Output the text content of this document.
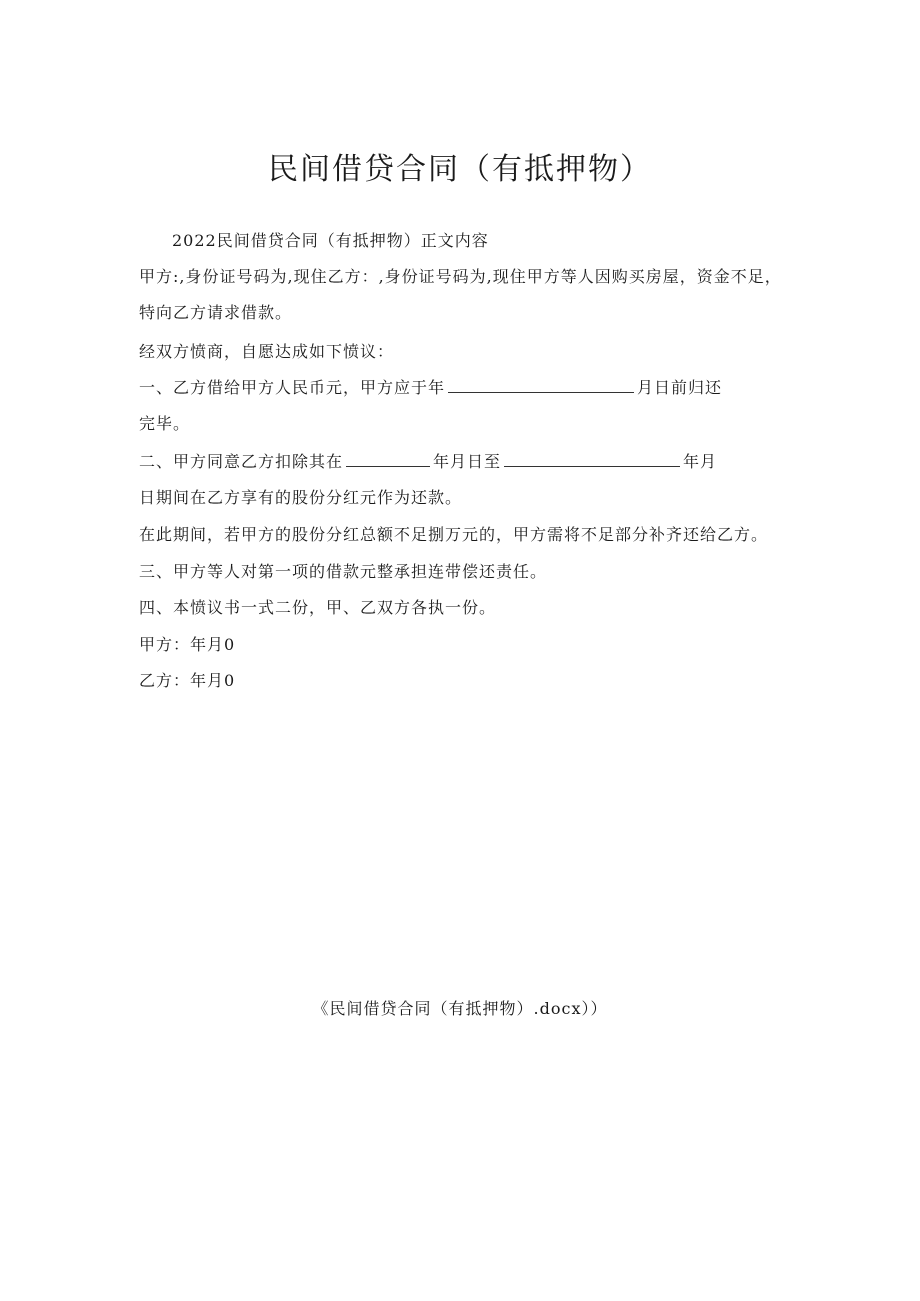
民间借贷合同（有抵押物）
2022民间借贷合同（有抵押物）正文内容
甲方:,身份证号码为,现住乙方：,身份证号码为,现住甲方等人因购买房屋，资金不足，
特向乙方请求借款。
经双方愤商，自愿达成如下愤议：
一、乙方借给甲方人民币元，甲方应于年	月日前归还
完毕。
二、甲方同意乙方扣除其在	年月日至	年月
日期间在乙方享有的股份分红元作为还款。
在此期间，若甲方的股份分红总额不足捌万元的，甲方需将不足部分补齐还给乙方。
三、甲方等人对第一项的借款元整承担连带偿还责任。
四、本愤议书一式二份，甲、乙双方各执一份。
甲方：年月0
乙方：年月0
《民间借贷合同（有抵押物）.docx））
